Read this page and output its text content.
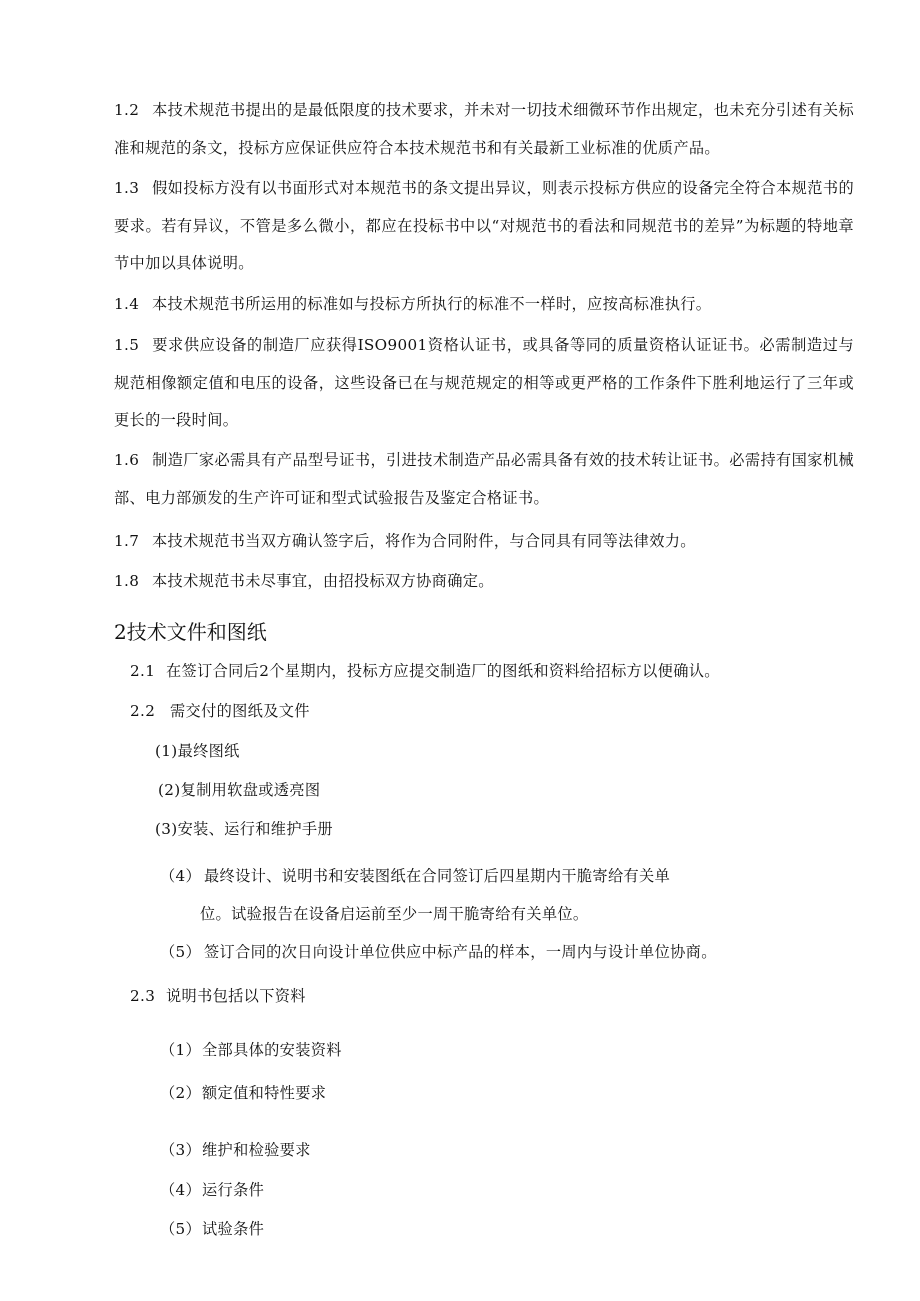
1.2 本技术规范书提出的是最低限度的技术要求，并未对一切技术细微环节作出规定，也未充分引述有关标准和规范的条文，投标方应保证供应符合本技术规范书和有关最新工业标准的优质产品。

1.3 假如投标方没有以书面形式对本规范书的条文提出异议，则表示投标方供应的设备完全符合本规范书的要求。若有异议，不管是多么微小，都应在投标书中以“对规范书的看法和同规范书的差异”为标题的特地章节中加以具体说明。

1.4 本技术规范书所运用的标准如与投标方所执行的标准不一样时，应按高标准执行。

1.5 要求供应设备的制造厂应获得ISO9001资格认证书，或具备等同的质量资格认证证书。必需制造过与规范相像额定值和电压的设备，这些设备已在与规范规定的相等或更严格的工作条件下胜利地运行了三年或更长的一段时间。

1.6 制造厂家必需具有产品型号证书，引进技术制造产品必需具备有效的技术转让证书。必需持有国家机械部、电力部颁发的生产许可证和型式试验报告及鉴定合格证书。

1.7 本技术规范书当双方确认签字后，将作为合同附件，与合同具有同等法律效力。

1.8 本技术规范书未尽事宜，由招投标双方协商确定。

2技术文件和图纸
2.1 在签订合同后2个星期内，投标方应提交制造厂的图纸和资料给招标方以便确认。
2.2 需交付的图纸及文件
(1)最终图纸
(2)复制用软盘或透亮图
(3)安装、运行和维护手册
（4） 最终设计、说明书和安装图纸在合同签订后四星期内干脆寄给有关单
位。试验报告在设备启运前至少一周干脆寄给有关单位。
（5） 签订合同的次日向设计单位供应中标产品的样本，一周内与设计单位协商。
2.3 说明书包括以下资料
（1）全部具体的安装资料
（2）额定值和特性要求
（3）维护和检验要求
（4）运行条件
（5）试验条件
